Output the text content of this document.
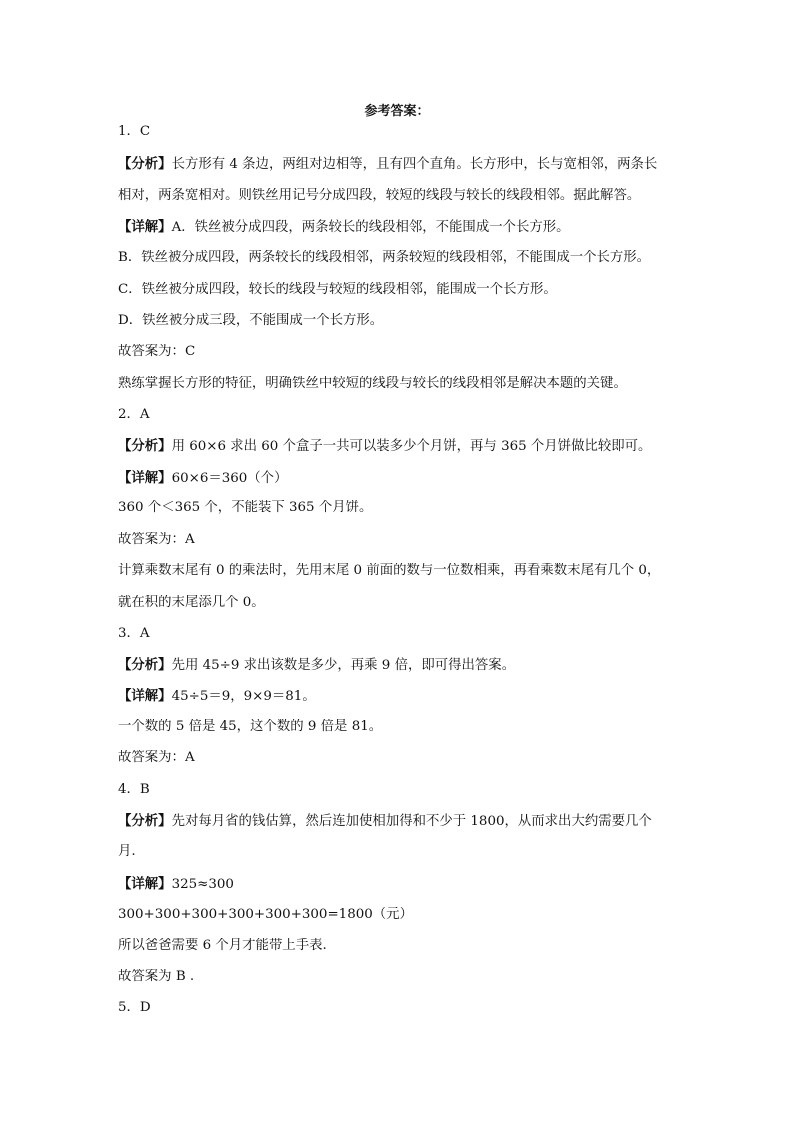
参考答案：
1．C
【分析】长方形有 4 条边，两组对边相等，且有四个直角。长方形中，长与宽相邻，两条长
相对，两条宽相对。则铁丝用记号分成四段，较短的线段与较长的线段相邻。据此解答。
【详解】A．铁丝被分成四段，两条较长的线段相邻，不能围成一个长方形。
B．铁丝被分成四段，两条较长的线段相邻，两条较短的线段相邻，不能围成一个长方形。
C．铁丝被分成四段，较长的线段与较短的线段相邻，能围成一个长方形。
D．铁丝被分成三段，不能围成一个长方形。
故答案为：C
熟练掌握长方形的特征，明确铁丝中较短的线段与较长的线段相邻是解决本题的关键。
2．A
【分析】用 60×6 求出 60 个盒子一共可以装多少个月饼，再与 365 个月饼做比较即可。
【详解】60×6＝360（个）
360 个＜365 个，不能装下 365 个月饼。
故答案为：A
计算乘数末尾有 0 的乘法时，先用末尾 0 前面的数与一位数相乘，再看乘数末尾有几个 0，
就在积的末尾添几个 0。
3．A
【分析】先用 45÷9 求出该数是多少，再乘 9 倍，即可得出答案。
【详解】45÷5＝9，9×9＝81。
一个数的 5 倍是 45，这个数的 9 倍是 81。
故答案为：A
4．B
【分析】先对每月省的钱估算，然后连加使相加得和不少于 1800，从而求出大约需要几个
月.
【详解】325≈300
300+300+300+300+300+300=1800（元）
所以爸爸需要 6 个月才能带上手表.
故答案为 B .
5．D
